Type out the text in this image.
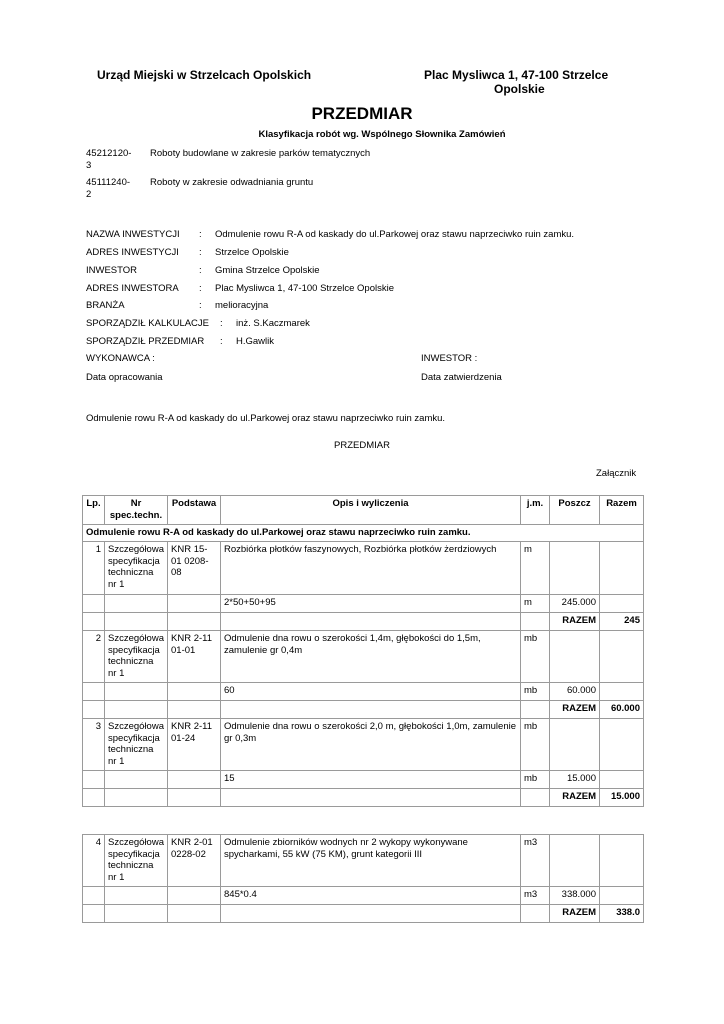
Urząd Miejski w Strzelcach Opolskich	Plac Mysliwca 1, 47-100 Strzelce
Opolskie
PRZEDMIAR
Klasyfikacja robót wg. Wspólnego Słownika Zamówień
45212120-
3
Roboty budowlane w zakresie parków tematycznych
45111240-
2
Roboty w zakresie odwadniania gruntu
NAZWA INWESTYCJI : Odmulenie rowu R-A od kaskady do ul.Parkowej oraz stawu naprzeciwko ruin zamku.
ADRES INWESTYCJI : Strzelce Opolskie
INWESTOR	: Gmina Strzelce Opolskie
ADRES INWESTORA : Plac Mysliwca 1, 47-100 Strzelce Opolskie
BRANŻA	: melioracyjna
SPORZĄDZIŁ KALKULACJE : inż. S.Kaczmarek
SPORZĄDZIŁ PRZEDMIAR : H.Gawlik
WYKONAWCA :	INWESTOR :
Data opracowania	Data zatwierdzenia
Odmulenie rowu R-A od kaskady do ul.Parkowej oraz stawu naprzeciwko ruin zamku.
PRZEDMIAR
Załącznik
Lp.	Nr spec.techn.	Podstawa	Opis i wyliczenia	j.m.	Poszcz	Razem
Odmulenie rowu R-A od kaskady do ul.Parkowej oraz stawu naprzeciwko ruin zamku.						
1	Szczegółowa specyfikacja techniczna nr 1	KNR 15-01 0208-08	Rozbiórka płotków faszynowych, Rozbiórka płotków żerdziowych	m		
			2*50+50+95	m	245.000	
					RAZEM	245
2	Szczegółowa specyfikacja techniczna nr 1	KNR 2-11 01-01	Odmulenie dna rowu o szerokości 1,4m, głębokości do 1,5m, zamulenie gr 0,4m	mb		
			60	mb	60.000	
					RAZEM	60.000
3	Szczegółowa specyfikacja techniczna nr 1	KNR 2-11 01-24	Odmulenie dna rowu o szerokości 2,0 m, głębokości 1,0m, zamulenie gr 0,3m	mb		
			15	mb	15.000	
					RAZEM	15.000
4	Szczegółowa specyfikacja techniczna nr 1	KNR 2-01 0228-02	Odmulenie zbiorników wodnych nr 2 wykopy wykonywane spycharkami, 55 kW (75 KM), grunt kategorii III	m3		
			845*0.4	m3	338.000	
					RAZEM	338.0
